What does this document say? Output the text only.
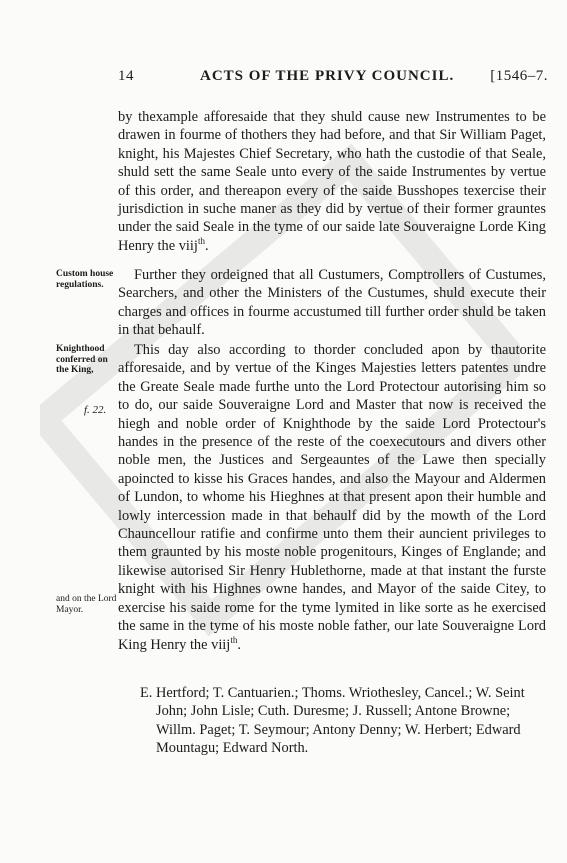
14	ACTS OF THE PRIVY COUNCIL. [1546–7.

by thexample afforesaide that they shuld cause new Instrumentes to be drawen in fourme of thothers they had before, and that Sir William Paget, knight, his Majestes Chief Secretary, who hath the custodie of that Seale, shuld sett the same Seale unto every of the saide Instrumentes by vertue of this order, and thereapon every of the saide Busshopes texercise their jurisdiction in suche maner as they did by vertue of their former grauntes under the said Seale in the tyme of our saide late Souveraigne Lorde King Henry the viij$^{th}$.

Custom house regulations.

Further they ordeigned that all Custumers, Comptrollers of Custumes, Searchers, and other the Ministers of the Custumes, shuld execute their charges and offices in fourme accustumed till further order shuld be taken in that behaulf.

Knighthood conferred on the King,
f. 22.
and on the Lord Mayor.

This day also according to thorder concluded apon by thautorite afforesaide, and by vertue of the Kinges Majesties letters patentes undre the Greate Seale made furthe unto the Lord Protectour autorising him so to do, our saide Souveraigne Lord and Master that now is received the hiegh and noble order of Knighthode by the saide Lord Protectour's handes in the presence of the reste of the coexecutours and divers other noble men, the Justices and Sergeauntes of the Lawe then specially apoincted to kisse his Graces handes, and also the Mayour and Aldermen of Lundon, to whome his Hieghnes at that present apon their humble and lowly intercession made in that behaulf did by the mowth of the Lord Chauncellour ratifie and confirme unto them their auncient privileges to them graunted by his moste noble progenitours, Kinges of Englande; and likewise autorised Sir Henry Hublethorne, made at that instant the furste knight with his Highnes owne handes, and Mayor of the saide Citey, to exercise his saide rome for the tyme lymited in like sorte as he exercised the same in the tyme of his moste noble father, our late Souveraigne Lord King Henry the viij$^{th}$.

E. Hertford; T. Cantuarien.; Thoms. Wriothesley, Cancel.; W. Seint John; John Lisle; Cuth. Duresme; J. Russell; Antone Browne; Willm. Paget; T. Seymour; Antony Denny; W. Herbert; Edward Mountagu; Edward North.
